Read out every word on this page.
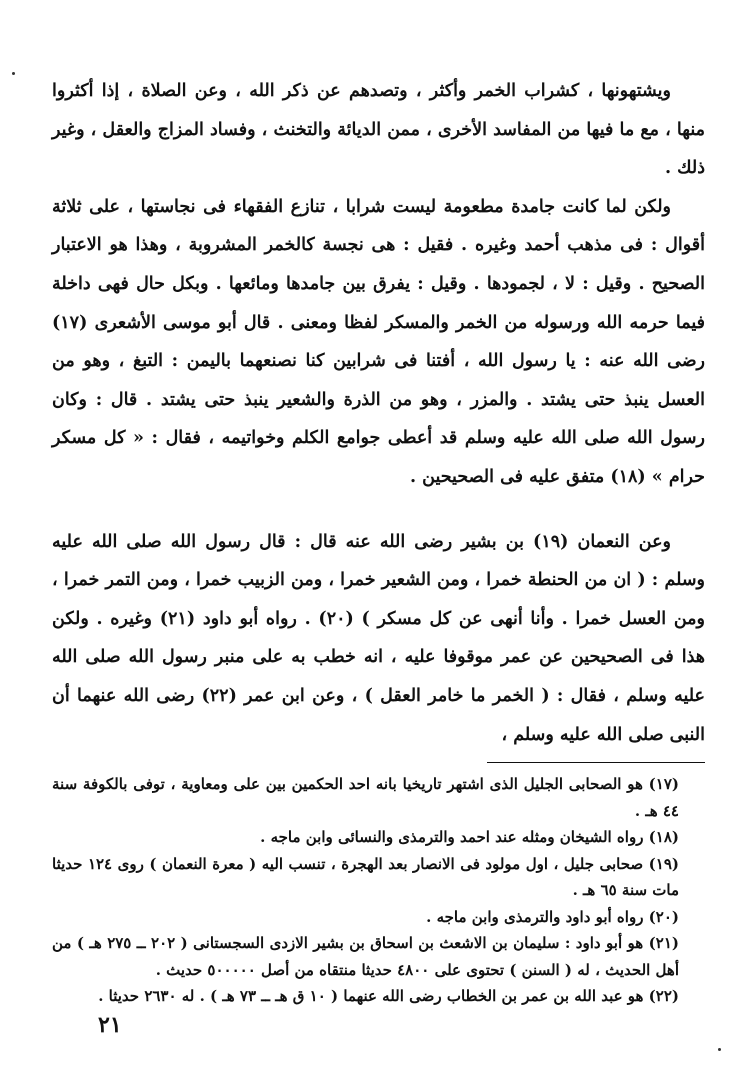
ويشتهونها ، كشراب الخمر وأكثر ، وتصدهم عن ذكر الله ، وعن الصلاة ، إذا أكثروا منها ، مع ما فيها من المفاسد الأخرى ، ممن الديائة والتخنث ، وفساد المزاج والعقل ، وغير ذلك .

ولكن لما كانت جامدة مطعومة ليست شرابا ، تنازع الفقهاء فى نجاستها ، على ثلاثة أقوال : فى مذهب أحمد وغيره . فقيل : هى نجسة كالخمر المشروبة ، وهذا هو الاعتبار الصحيح . وقيل : لا ، لجمودها . وقيل : يفرق بين جامدها ومائعها . وبكل حال فهى داخلة فيما حرمه الله ورسوله من الخمر والمسكر لفظا ومعنى . قال أبو موسى الأشعرى (١٧) رضى الله عنه : يا رسول الله ، أفتنا فى شرابين كنا نصنعهما باليمن : التبغ ، وهو من العسل ينبذ حتى يشتد . والمزر ، وهو من الذرة والشعير ينبذ حتى يشتد . قال : وكان رسول الله صلى الله عليه وسلم قد أعطى جوامع الكلم وخواتيمه ، فقال : « كل مسكر حرام » (١٨) متفق عليه فى الصحيحين .

وعن النعمان (١٩) بن بشير رضى الله عنه قال : قال رسول الله صلى الله عليه وسلم : ( ان من الحنطة خمرا ، ومن الشعير خمرا ، ومن الزبيب خمرا ، ومن التمر خمرا ، ومن العسل خمرا . وأنا أنهى عن كل مسكر ) (٢٠) . رواه أبو داود (٢١) وغيره . ولكن هذا فى الصحيحين عن عمر موقوفا عليه ، انه خطب به على منبر رسول الله صلى الله عليه وسلم ، فقال : ( الخمر ما خامر العقل ) ، وعن ابن عمر (٢٢) رضى الله عنهما أن النبى صلى الله عليه وسلم ،

(١٧) هو الصحابى الجليل الذى اشتهر تاريخيا بانه احد الحكمين بين على ومعاوية ، توفى بالكوفة سنة ٤٤ هـ .

(١٨) رواه الشيخان ومثله عند احمد والترمذى والنسائى وابن ماجه .

(١٩) صحابى جليل ، اول مولود فى الانصار بعد الهجرة ، تنسب اليه ( معرة النعمان ) روى ١٢٤ حديثا مات سنة ٦٥ هـ .

(٢٠) رواه أبو داود والترمذى وابن ماجه .

(٢١) هو أبو داود : سليمان بن الاشعث بن اسحاق بن بشير الازدى السجستانى ( ٢٠٢ ــ ٢٧٥ هـ ) من أهل الحديث ، له ( السنن ) تحتوى على ٤٨٠٠ حديثا منتقاه من أصل ٥٠٠٠٠٠ حديث .

(٢٢) هو عبد الله بن عمر بن الخطاب رضى الله عنهما ( ١٠ ق هـ ــ ٧٣ هـ ) . له ٢٦٣٠ حديثا .

٢١
